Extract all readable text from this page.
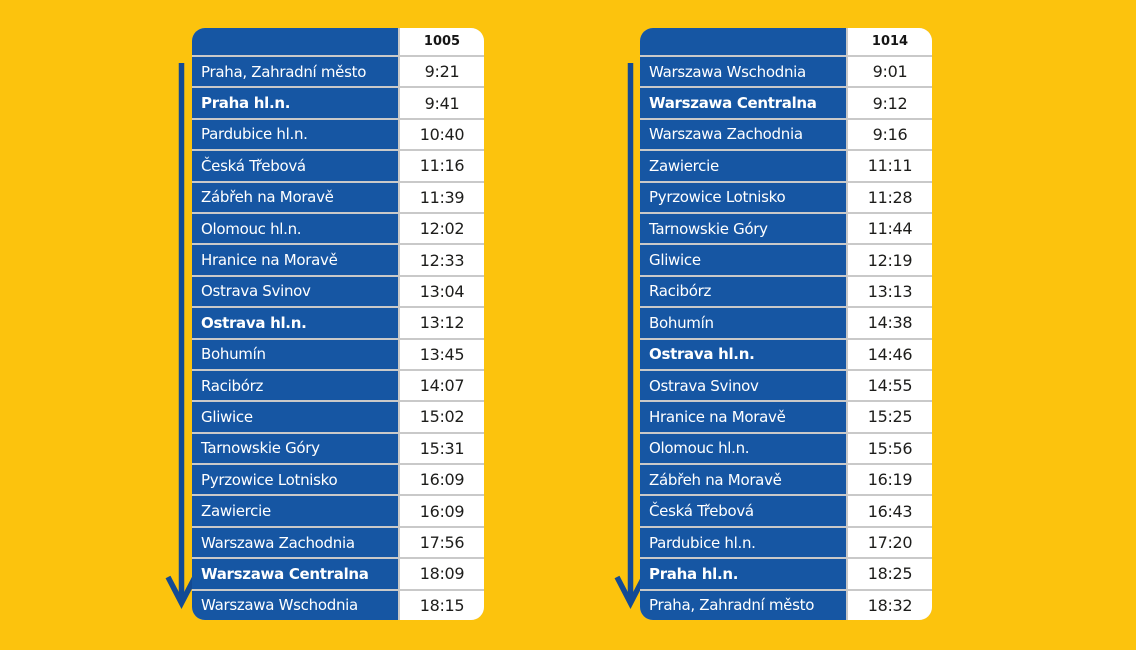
1005
Praha, Zahradní město	9:21
Praha hl.n.	9:41
Pardubice hl.n.	10:40
Česká Třebová	11:16
Zábřeh na Moravě	11:39
Olomouc hl.n.	12:02
Hranice na Moravě	12:33
Ostrava Svinov	13:04
Ostrava hl.n.	13:12
Bohumín	13:45
Racibórz	14:07
Gliwice	15:02
Tarnowskie Góry	15:31
Pyrzowice Lotnisko	16:09
Zawiercie	16:09
Warszawa Zachodnia	17:56
Warszawa Centralna	18:09
Warszawa Wschodnia	18:15
1014
Warszawa Wschodnia	9:01
Warszawa Centralna	9:12
Warszawa Zachodnia	9:16
Zawiercie	11:11
Pyrzowice Lotnisko	11:28
Tarnowskie Góry	11:44
Gliwice	12:19
Racibórz	13:13
Bohumín	14:38
Ostrava hl.n.	14:46
Ostrava Svinov	14:55
Hranice na Moravě	15:25
Olomouc hl.n.	15:56
Zábřeh na Moravě	16:19
Česká Třebová	16:43
Pardubice hl.n.	17:20
Praha hl.n.	18:25
Praha, Zahradní město	18:32
